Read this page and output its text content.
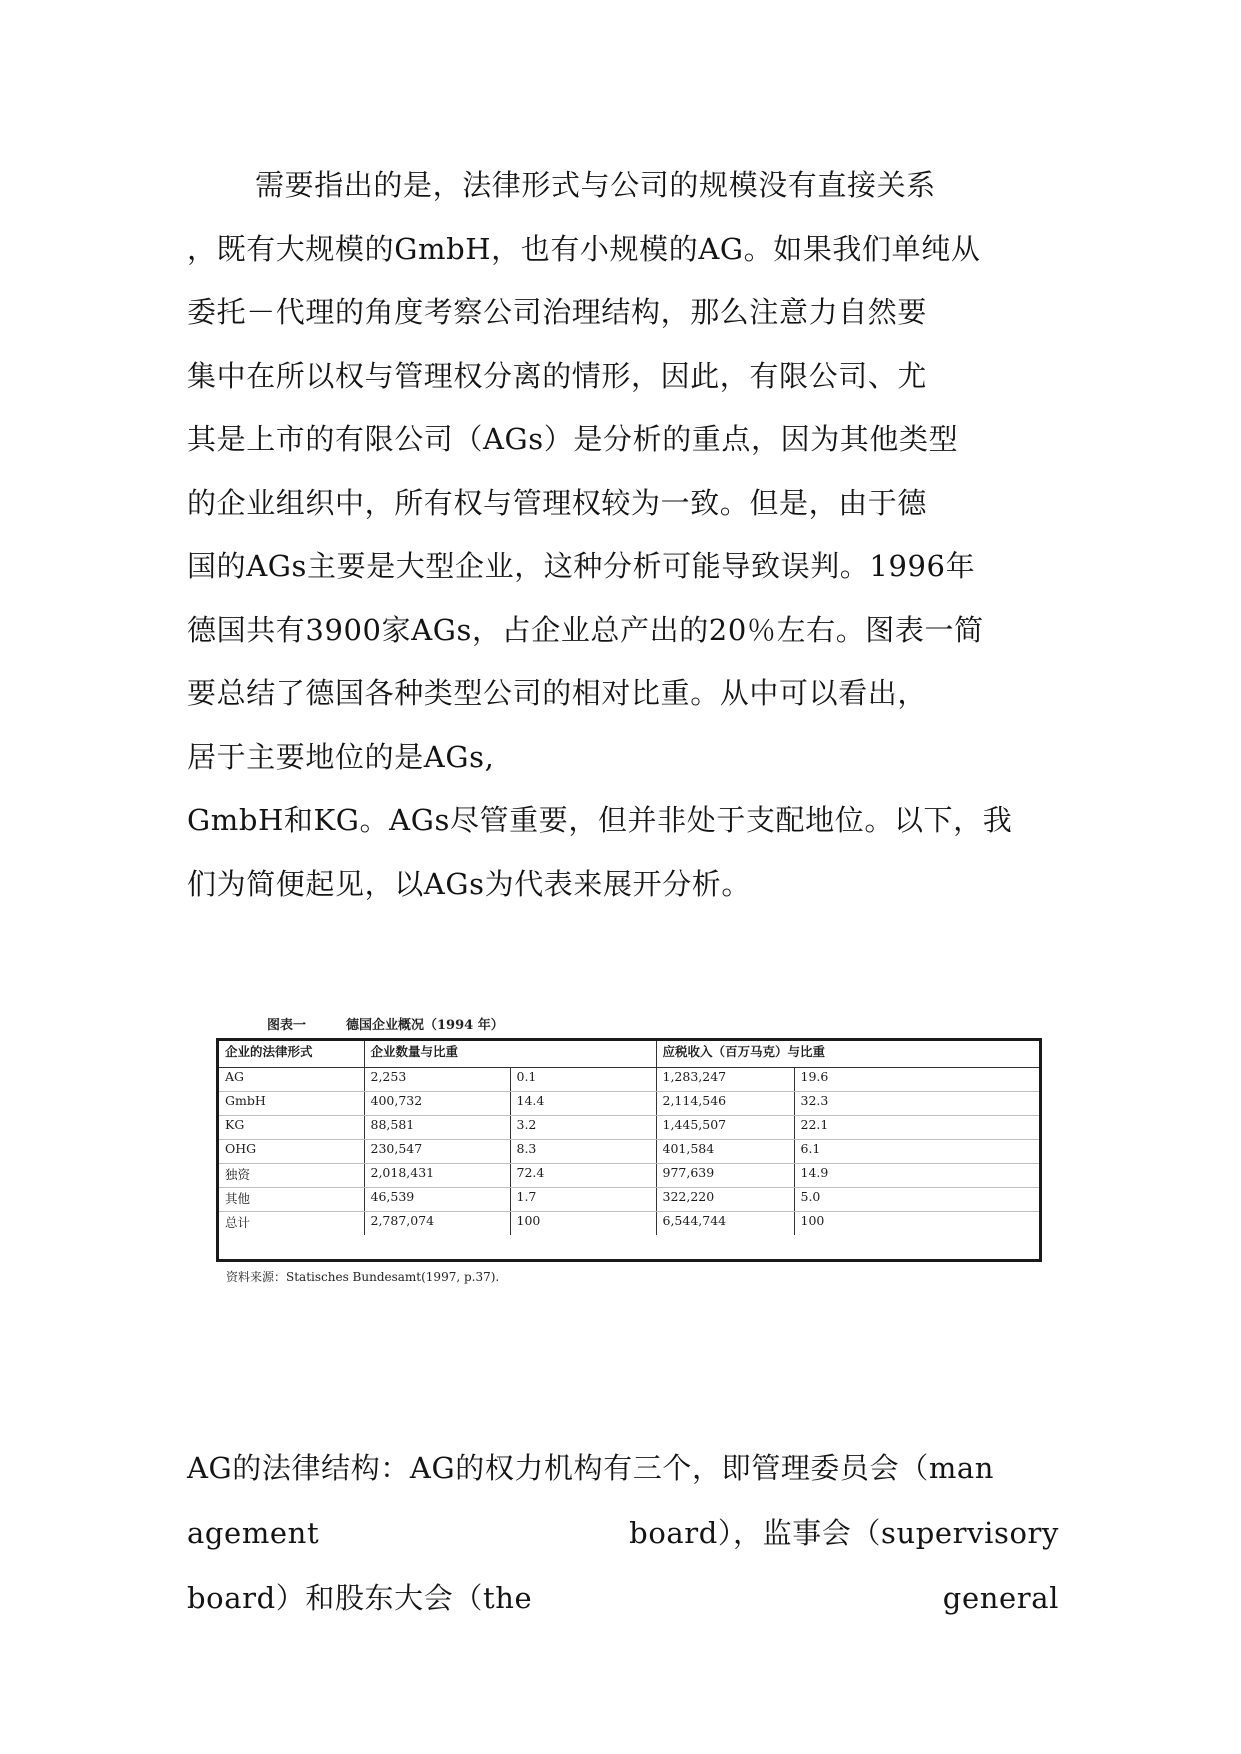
需要指出的是，法律形式与公司的规模没有直接关系
，既有大规模的GmbH，也有小规模的AG。如果我们单纯从
委托－代理的角度考察公司治理结构，那么注意力自然要
集中在所以权与管理权分离的情形，因此，有限公司、尤
其是上市的有限公司（AGs）是分析的重点，因为其他类型
的企业组织中，所有权与管理权较为一致。但是，由于德
国的AGs主要是大型企业，这种分析可能导致误判。1996年
德国共有3900家AGs，占企业总产出的20％左右。图表一简
要总结了德国各种类型公司的相对比重。从中可以看出，
居于主要地位的是AGs,
GmbH和KG。AGs尽管重要，但并非处于支配地位。以下，我
们为简便起见，以AGs为代表来展开分析。
图表一	德国企业概况（1994 年）
企业的法律形式	企业数量与比重		应税收入（百万马克）与比重	
AG	2,253	0.1	1,283,247	19.6
GmbH	400,732	14.4	2,114,546	32.3
KG	88,581	3.2	1,445,507	22.1
OHG	230,547	8.3	401,584	6.1
独资	2,018,431	72.4	977,639	14.9
其他	46,539	1.7	322,220	5.0
总计	2,787,074	100	6,544,744	100
资料来源：Statisches Bundesamt(1997, p.37).
AG的法律结构：AG的权力机构有三个，即管理委员会（man
agement	board），监事会（supervisory
board）和股东大会（the	general
